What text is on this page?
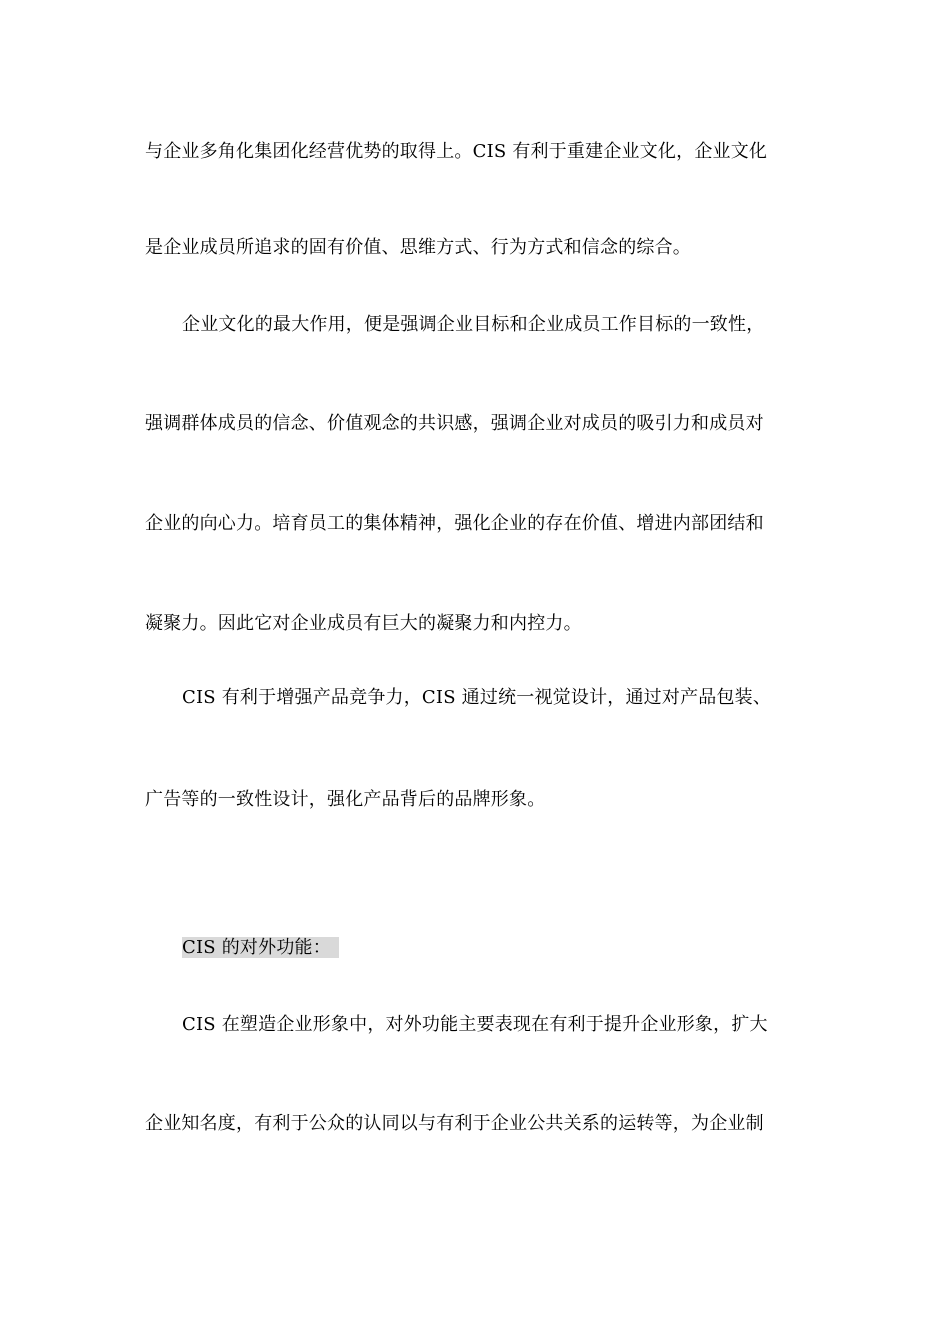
与企业多角化集团化经营优势的取得上。CIS 有利于重建企业文化，企业文化
是企业成员所追求的固有价值、思维方式、行为方式和信念的综合。
企业文化的最大作用，便是强调企业目标和企业成员工作目标的一致性，
强调群体成员的信念、价值观念的共识感，强调企业对成员的吸引力和成员对
企业的向心力。培育员工的集体精神，强化企业的存在价值、增进内部团结和
凝聚力。因此它对企业成员有巨大的凝聚力和内控力。
CIS 有利于增强产品竞争力，CIS 通过统一视觉设计，通过对产品包装、
广告等的一致性设计，强化产品背后的品牌形象。
CIS 的对外功能：
CIS 在塑造企业形象中，对外功能主要表现在有利于提升企业形象，扩大
企业知名度，有利于公众的认同以与有利于企业公共关系的运转等，为企业制
